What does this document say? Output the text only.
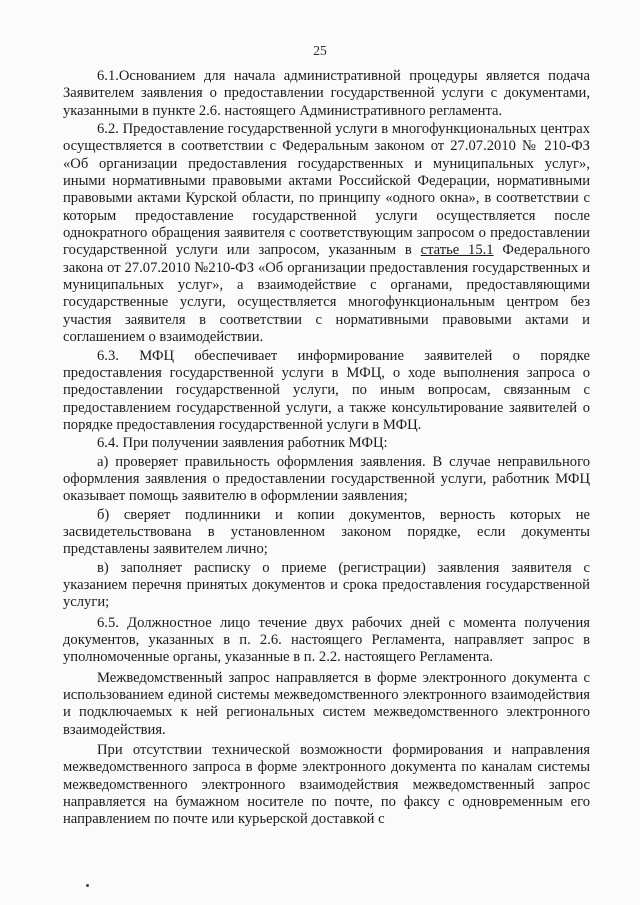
25

6.1.Основанием для начала административной процедуры является подача Заявителем заявления о предоставлении государственной услуги с документами, указанными в пункте 2.6. настоящего Административного регламента.

6.2. Предоставление государственной услуги в многофункциональных центрах осуществляется в соответствии с Федеральным законом от 27.07.2010 № 210-ФЗ «Об организации предоставления государственных и муниципальных услуг», иными нормативными правовыми актами Российской Федерации, нормативными правовыми актами Курской области, по принципу «одного окна», в соответствии с которым предоставление государственной услуги осуществляется после однократного обращения заявителя с соответствующим запросом о предоставлении государственной услуги или запросом, указанным в статье 15.1 Федерального закона от 27.07.2010 №210-ФЗ «Об организации предоставления государственных и муниципальных услуг», а взаимодействие с органами, предоставляющими государственные услуги, осуществляется многофункциональным центром без участия заявителя в соответствии с нормативными правовыми актами и соглашением о взаимодействии.

6.3. МФЦ обеспечивает информирование заявителей о порядке предоставления государственной услуги в МФЦ, о ходе выполнения запроса о предоставлении государственной услуги, по иным вопросам, связанным с предоставлением государственной услуги, а также консультирование заявителей о порядке предоставления государственной услуги в МФЦ.

6.4. При получении заявления работник МФЦ:

а) проверяет правильность оформления заявления. В случае неправильного оформления заявления о предоставлении государственной услуги, работник МФЦ оказывает помощь заявителю в оформлении заявления;

б) сверяет подлинники и копии документов, верность которых не засвидетельствована в установленном законом порядке, если документы представлены заявителем лично;

в) заполняет расписку о приеме (регистрации) заявления заявителя с указанием перечня принятых документов и срока предоставления государственной услуги;

6.5. Должностное лицо течение двух рабочих дней с момента получения документов, указанных в п. 2.6. настоящего Регламента, направляет запрос в уполномоченные органы, указанные в п. 2.2. настоящего Регламента.

Межведомственный запрос направляется в форме электронного документа с использованием единой системы межведомственного электронного взаимодействия и подключаемых к ней региональных систем межведомственного электронного взаимодействия.

При отсутствии технической возможности формирования и направления межведомственного запроса в форме электронного документа по каналам системы межведомственного электронного взаимодействия межведомственный запрос направляется на бумажном носителе по почте, по факсу с одновременным его направлением по почте или курьерской доставкой с
